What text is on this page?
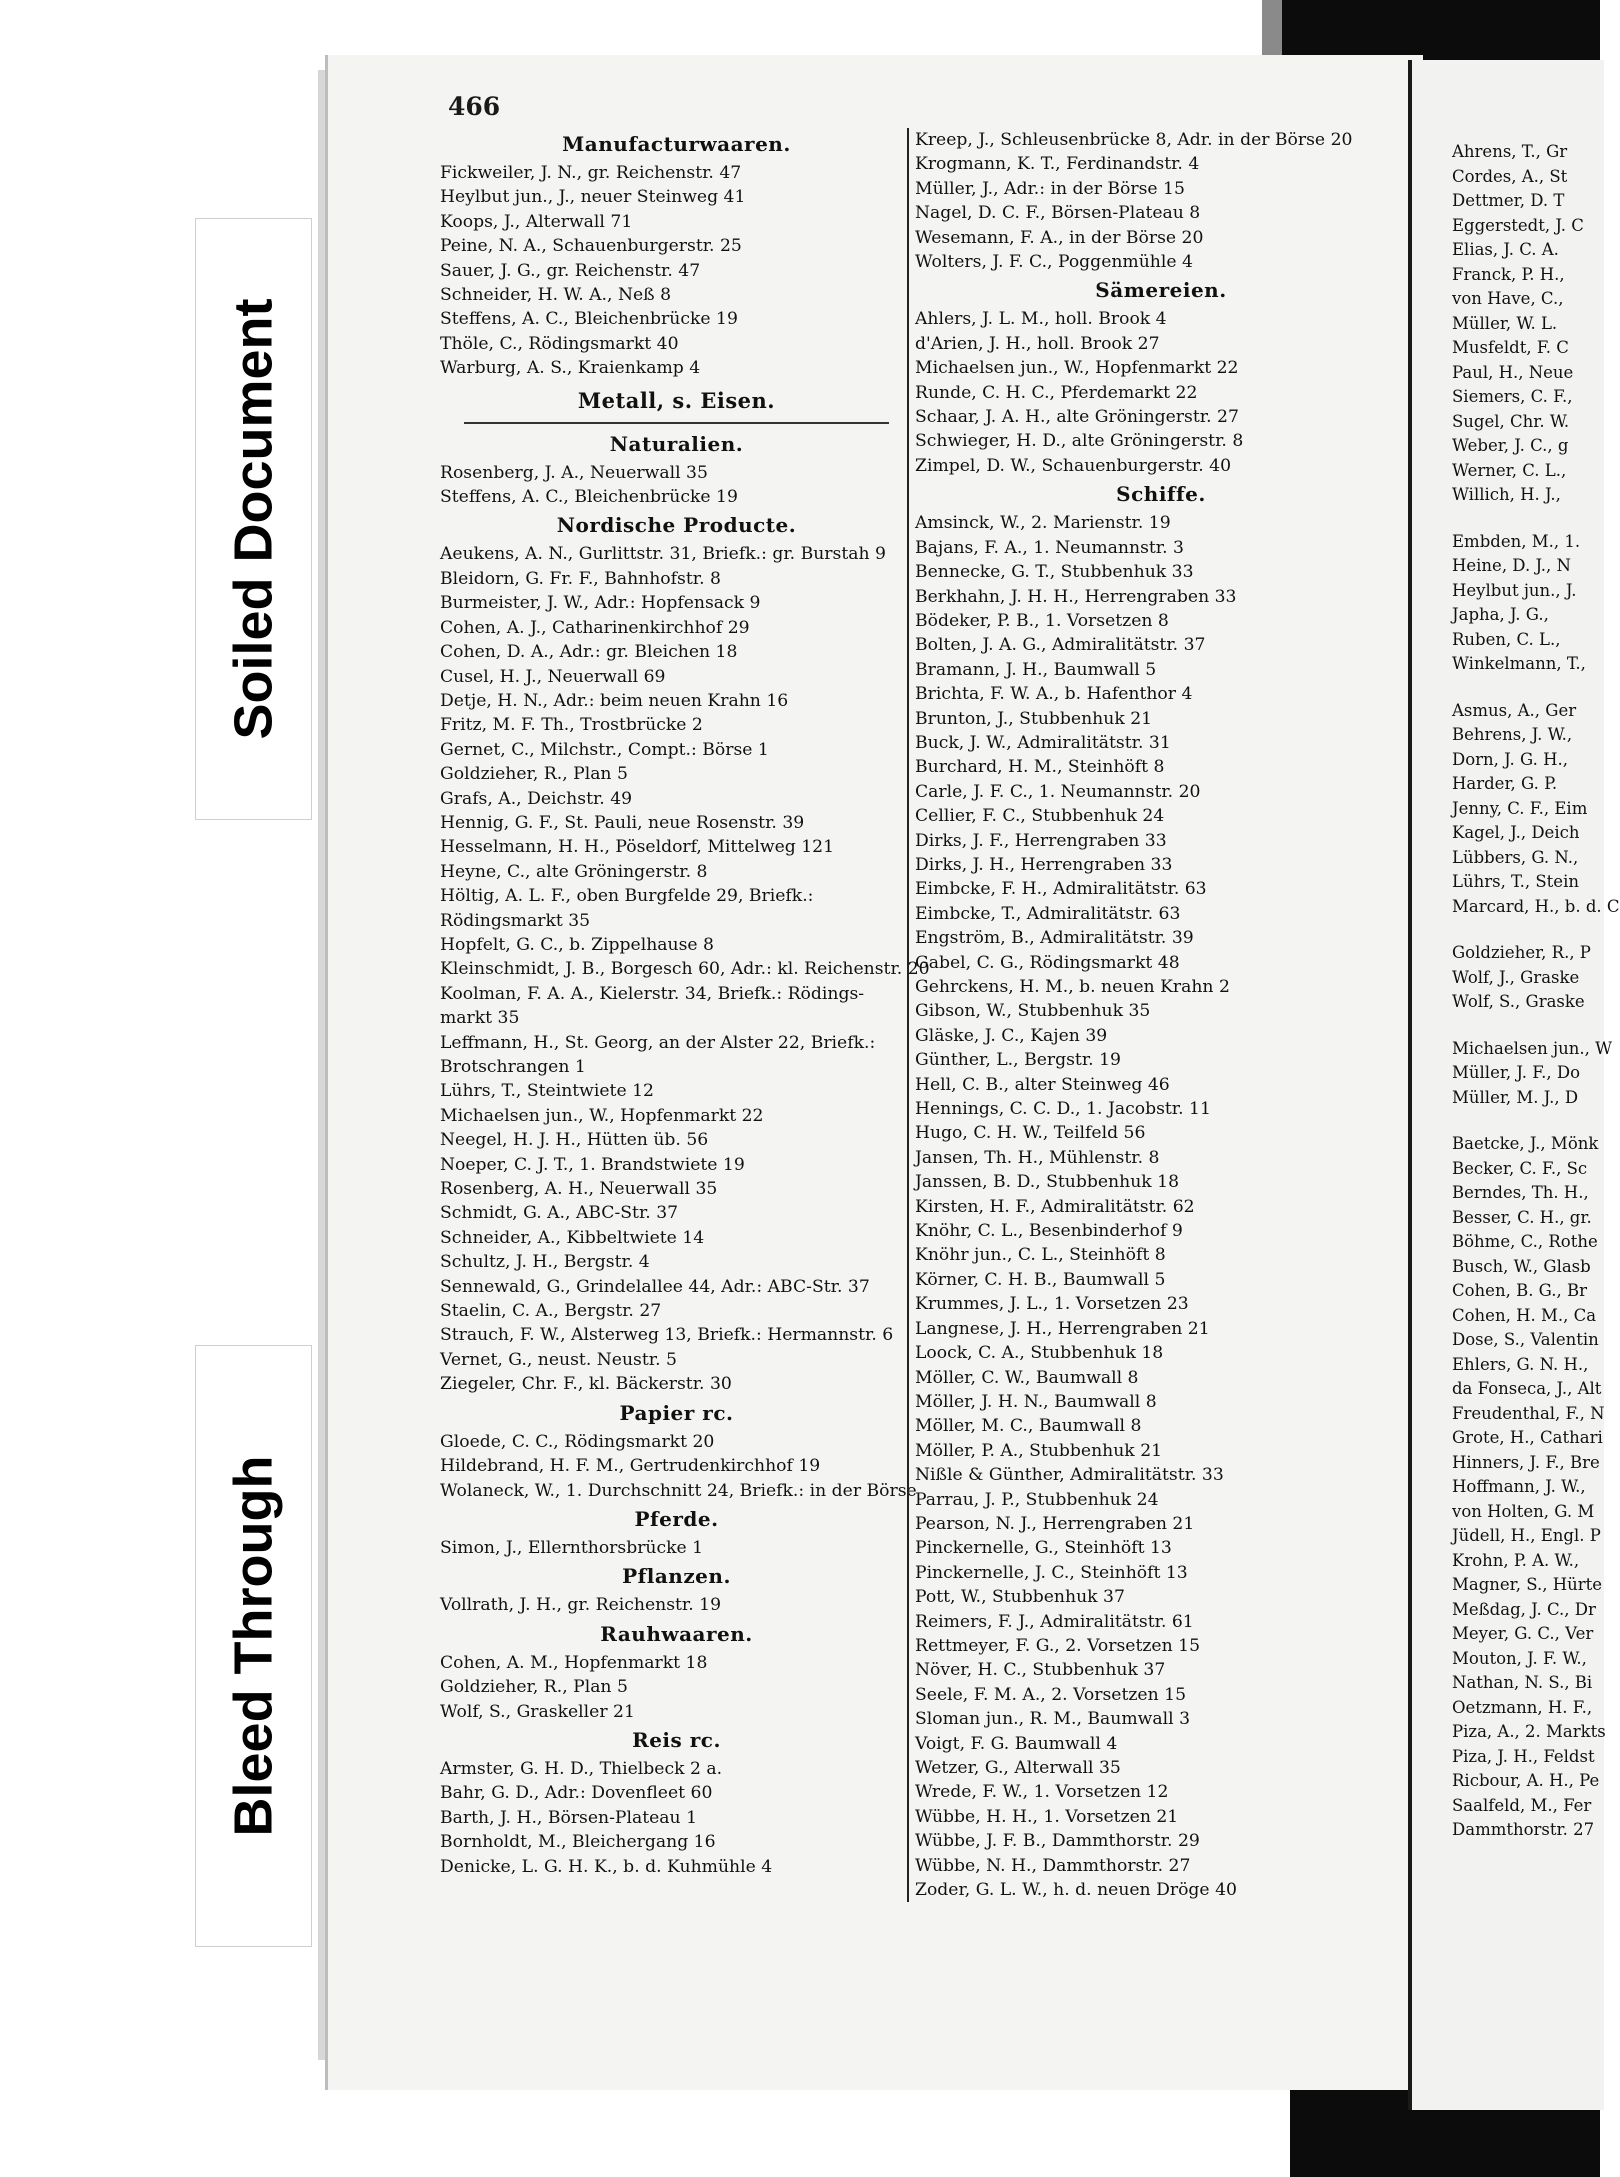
466
Manufacturwaaren.
Fickweiler, J. N., gr. Reichenstr. 47
Heylbut jun., J., neuer Steinweg 41
Koops, J., Alterwall 71
Peine, N. A., Schauenburgerstr. 25
Sauer, J. G., gr. Reichenstr. 47
Schneider, H. W. A., Neß 8
Steffens, A. C., Bleichenbrücke 19
Thöle, C., Rödingsmarkt 40
Warburg, A. S., Kraienkamp 4
Metall, s. Eisen.
Naturalien.
Rosenberg, J. A., Neuerwall 35
Steffens, A. C., Bleichenbrücke 19
Nordische Producte.
Aeukens, A. N., Gurlittstr. 31, Briefk.: gr. Burstah 9
Bleidorn, G. Fr. F., Bahnhofstr. 8
Burmeister, J. W., Adr.: Hopfensack 9
Cohen, A. J., Catharinenkirchhof 29
Cohen, D. A., Adr.: gr. Bleichen 18
Cusel, H. J., Neuerwall 69
Detje, H. N., Adr.: beim neuen Krahn 16
Fritz, M. F. Th., Trostbrücke 2
Gernet, C., Milchstr., Compt.: Börse 1
Goldzieher, R., Plan 5
Grafs, A., Deichstr. 49
Hennig, G. F., St. Pauli, neue Rosenstr. 39
Hesselmann, H. H., Pöseldorf, Mittelweg 121
Heyne, C., alte Gröningerstr. 8
Höltig, A. L. F., oben Burgfelde 29, Briefk.:
Rödingsmarkt 35
Hopfelt, G. C., b. Zippelhause 8
Kleinschmidt, J. B., Borgesch 60, Adr.: kl. Reichenstr. 20
Koolman, F. A. A., Kielerstr. 34, Briefk.: Rödings-
markt 35
Leffmann, H., St. Georg, an der Alster 22, Briefk.:
Brotschrangen 1
Lührs, T., Steintwiete 12
Michaelsen jun., W., Hopfenmarkt 22
Neegel, H. J. H., Hütten üb. 56
Noeper, C. J. T., 1. Brandstwiete 19
Rosenberg, A. H., Neuerwall 35
Schmidt, G. A., ABC-Str. 37
Schneider, A., Kibbeltwiete 14
Schultz, J. H., Bergstr. 4
Sennewald, G., Grindelallee 44, Adr.: ABC-Str. 37
Staelin, C. A., Bergstr. 27
Strauch, F. W., Alsterweg 13, Briefk.: Hermannstr. 6
Vernet, G., neust. Neustr. 5
Ziegeler, Chr. F., kl. Bäckerstr. 30
Papier rc.
Gloede, C. C., Rödingsmarkt 20
Hildebrand, H. F. M., Gertrudenkirchhof 19
Wolaneck, W., 1. Durchschnitt 24, Briefk.: in der Börse
Pferde.
Simon, J., Ellernthorsbrücke 1
Pflanzen.
Vollrath, J. H., gr. Reichenstr. 19
Rauhwaaren.
Cohen, A. M., Hopfenmarkt 18
Goldzieher, R., Plan 5
Wolf, S., Graskeller 21
Reis rc.
Armster, G. H. D., Thielbeck 2 a.
Bahr, G. D., Adr.: Dovenfleet 60
Barth, J. H., Börsen-Plateau 1
Bornholdt, M., Bleichergang 16
Denicke, L. G. H. K., b. d. Kuhmühle 4
Kreep, J., Schleusenbrücke 8, Adr. in der Börse 20
Krogmann, K. T., Ferdinandstr. 4
Müller, J., Adr.: in der Börse 15
Nagel, D. C. F., Börsen-Plateau 8
Wesemann, F. A., in der Börse 20
Wolters, J. F. C., Poggenmühle 4
Sämereien.
Ahlers, J. L. M., holl. Brook 4
d'Arien, J. H., holl. Brook 27
Michaelsen jun., W., Hopfenmarkt 22
Runde, C. H. C., Pferdemarkt 22
Schaar, J. A. H., alte Gröningerstr. 27
Schwieger, H. D., alte Gröningerstr. 8
Zimpel, D. W., Schauenburgerstr. 40
Schiffe.
Amsinck, W., 2. Marienstr. 19
Bajans, F. A., 1. Neumannstr. 3
Bennecke, G. T., Stubbenhuk 33
Berkhahn, J. H. H., Herrengraben 33
Bödeker, P. B., 1. Vorsetzen 8
Bolten, J. A. G., Admiralitätstr. 37
Bramann, J. H., Baumwall 5
Brichta, F. W. A., b. Hafenthor 4
Brunton, J., Stubbenhuk 21
Buck, J. W., Admiralitätstr. 31
Burchard, H. M., Steinhöft 8
Carle, J. F. C., 1. Neumannstr. 20
Cellier, F. C., Stubbenhuk 24
Dirks, J. F., Herrengraben 33
Dirks, J. H., Herrengraben 33
Eimbcke, F. H., Admiralitätstr. 63
Eimbcke, T., Admiralitätstr. 63
Engström, B., Admiralitätstr. 39
Gabel, C. G., Rödingsmarkt 48
Gehrckens, H. M., b. neuen Krahn 2
Gibson, W., Stubbenhuk 35
Gläske, J. C., Kajen 39
Günther, L., Bergstr. 19
Hell, C. B., alter Steinweg 46
Hennings, C. C. D., 1. Jacobstr. 11
Hugo, C. H. W., Teilfeld 56
Jansen, Th. H., Mühlenstr. 8
Janssen, B. D., Stubbenhuk 18
Kirsten, H. F., Admiralitätstr. 62
Knöhr, C. L., Besenbinderhof 9
Knöhr jun., C. L., Steinhöft 8
Körner, C. H. B., Baumwall 5
Krummes, J. L., 1. Vorsetzen 23
Langnese, J. H., Herrengraben 21
Loock, C. A., Stubbenhuk 18
Möller, C. W., Baumwall 8
Möller, J. H. N., Baumwall 8
Möller, M. C., Baumwall 8
Möller, P. A., Stubbenhuk 21
Nißle & Günther, Admiralitätstr. 33
Parrau, J. P., Stubbenhuk 24
Pearson, N. J., Herrengraben 21
Pinckernelle, G., Steinhöft 13
Pinckernelle, J. C., Steinhöft 13
Pott, W., Stubbenhuk 37
Reimers, F. J., Admiralitätstr. 61
Rettmeyer, F. G., 2. Vorsetzen 15
Növer, H. C., Stubbenhuk 37
Seele, F. M. A., 2. Vorsetzen 15
Sloman jun., R. M., Baumwall 3
Voigt, F. G. Baumwall 4
Wetzer, G., Alterwall 35
Wrede, F. W., 1. Vorsetzen 12
Wübbe, H. H., 1. Vorsetzen 21
Wübbe, J. F. B., Dammthorstr. 29
Wübbe, N. H., Dammthorstr. 27
Zoder, G. L. W., h. d. neuen Dröge 40
Ahrens, T., Gr
Cordes, A., St
Dettmer, D. T
Eggerstedt, J. C
Elias, J. C. A.
Franck, P. H.,
von Have, C.,
Müller, W. L.
Musfeldt, F. C
Paul, H., Neue
Siemers, C. F.,
Sugel, Chr. W.
Weber, J. C., g
Werner, C. L.,
Willich, H. J.,
Embden, M., 1.
Heine, D. J., N
Heylbut jun., J.
Japha, J. G.,
Ruben, C. L.,
Winkelmann, T.,
Asmus, A., Ger
Behrens, J. W.,
Dorn, J. G. H.,
Harder, G. P.
Jenny, C. F., Eim
Kagel, J., Deich
Lübbers, G. N.,
Lührs, T., Stein
Marcard, H., b. d. C
Goldzieher, R., P
Wolf, J., Graske
Wolf, S., Graske
Michaelsen jun., W
Müller, J. F., Do
Müller, M. J., D
Baetcke, J., Mönk
Becker, C. F., Sc
Berndes, Th. H.,
Besser, C. H., gr.
Böhme, C., Rothe
Busch, W., Glasb
Cohen, B. G., Br
Cohen, H. M., Ca
Dose, S., Valentin
Ehlers, G. N. H.,
da Fonseca, J., Alt
Freudenthal, F., N
Grote, H., Cathari
Hinners, J. F., Bre
Hoffmann, J. W.,
von Holten, G. M
Jüdell, H., Engl. P
Krohn, P. A. W.,
Magner, S., Hürte
Meßdag, J. C., Dr
Meyer, G. C., Ver
Mouton, J. F. W.,
Nathan, N. S., Bi
Oetzmann, H. F.,
Piza, A., 2. Markts
Piza, J. H., Feldst
Ricbour, A. H., Pe
Saalfeld, M., Fer
Dammthorstr. 27
Soiled Document
Bleed Through
